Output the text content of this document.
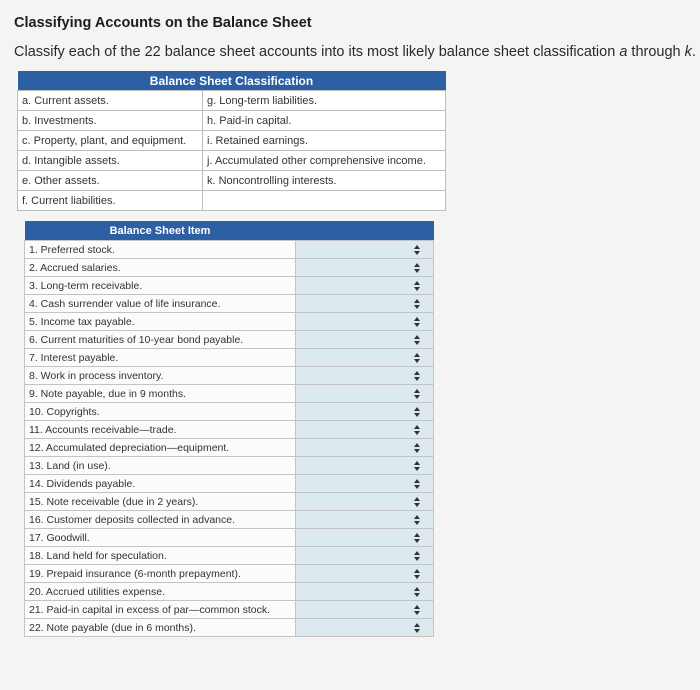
Classifying Accounts on the Balance Sheet
Classify each of the 22 balance sheet accounts into its most likely balance sheet classification a through k.
Balance Sheet Classification	
a. Current assets.	g. Long-term liabilities.
b. Investments.	h. Paid-in capital.
c. Property, plant, and equipment.	i. Retained earnings.
d. Intangible assets.	j. Accumulated other comprehensive income.
e. Other assets.	k. Noncontrolling interests.
f. Current liabilities.	
Balance Sheet Item	
1. Preferred stock.	

2. Accrued salaries.	

3. Long-term receivable.	

4. Cash surrender value of life insurance.	

5. Income tax payable.	

6. Current maturities of 10-year bond payable.	

7. Interest payable.	

8. Work in process inventory.	

9. Note payable, due in 9 months.	

10. Copyrights.	

11. Accounts receivable—trade.	

12. Accumulated depreciation—equipment.	

13. Land (in use).	

14. Dividends payable.	

15. Note receivable (due in 2 years).	

16. Customer deposits collected in advance.	

17. Goodwill.	

18. Land held for speculation.	

19. Prepaid insurance (6-month prepayment).	

20. Accrued utilities expense.	

21. Paid-in capital in excess of par—common stock.	

22. Note payable (due in 6 months).	
